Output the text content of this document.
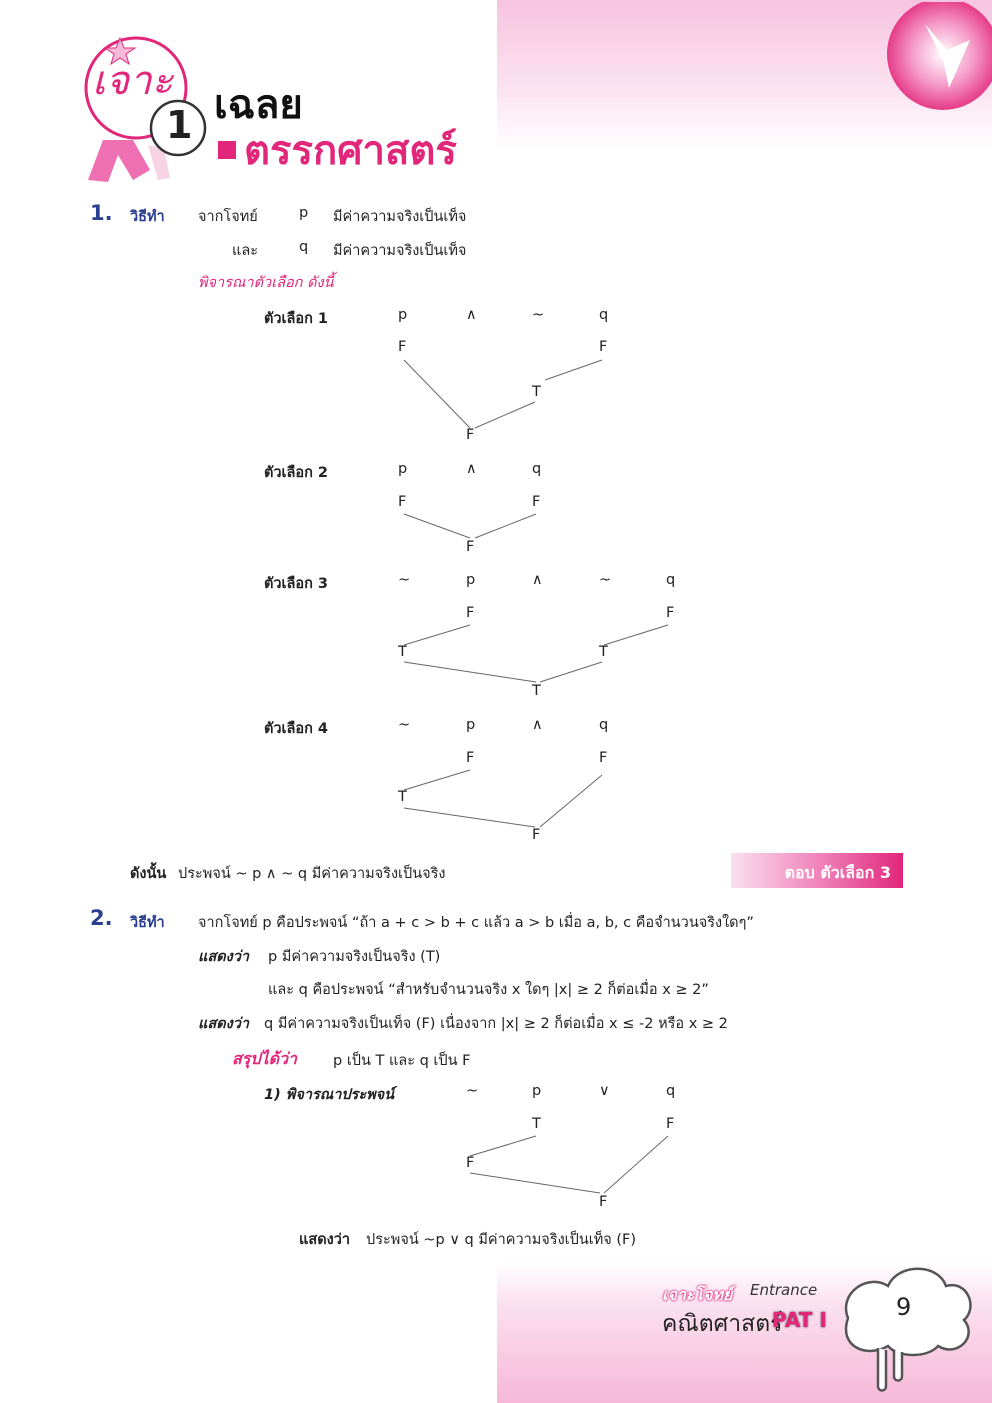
เจาะ
1 เฉลย
ตรรกศาสตร์
1. วิธีทำ จากโจทย์	p มีค่าความจริงเป็นเท็จ
และ	q มีค่าความจริงเป็นเท็จ
พิจารณาตัวเลือก ดังนี้
ตัวเลือก 1	p	∧	~	q
F	F
T
F
ตัวเลือก 2	p	∧	q
F	F
F
ตัวเลือก 3	~	p	∧	~	q
F	F
T	T
T
ตัวเลือก 4	~	p	∧	q
F	F
T
F
ดังนั้น ประพจน์ ~ p ∧ ~ q มีค่าความจริงเป็นจริง	ตอบ ตัวเลือก 3
2. วิธีทำ จากโจทย์ p คือประพจน์ “ถ้า a + c > b + c แล้ว a > b เมื่อ a, b, c คือจำนวนจริงใดๆ”
แสดงว่า p มีค่าความจริงเป็นจริง (T)
และ q คือประพจน์ “สำหรับจำนวนจริง x ใดๆ |x| ≥ 2 ก็ต่อเมื่อ x ≥ 2”
แสดงว่า q มีค่าความจริงเป็นเท็จ (F) เนื่องจาก |x| ≥ 2 ก็ต่อเมื่อ x ≤ -2 หรือ x ≥ 2
สรุปได้ว่า p เป็น T และ q เป็น F
1) พิจารณาประพจน์	~	p	∨	q
T	F
F
F
แสดงว่า ประพจน์ ~p ∨ q มีค่าความจริงเป็นเท็จ (F)
เจาะโจทย์ Entrance
คณิตศาสตร์
PAT I	9
